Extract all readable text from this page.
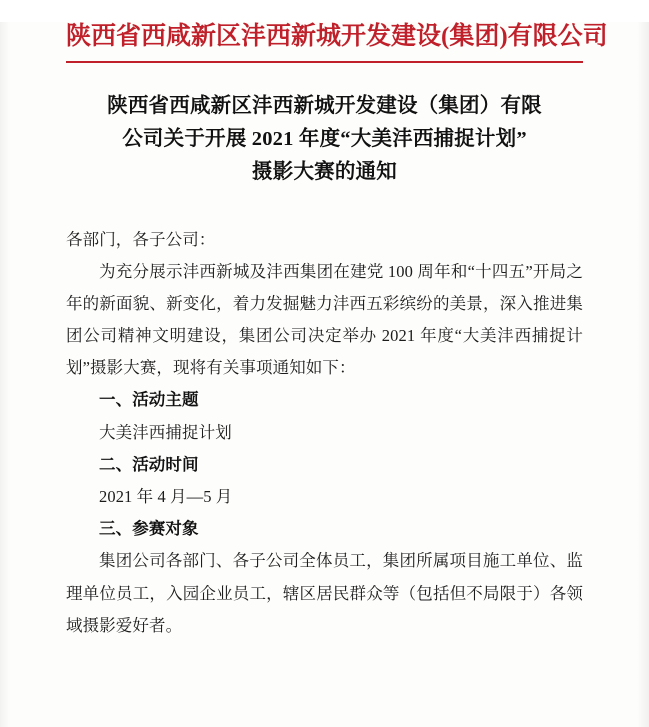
陕西省西咸新区沣西新城开发建设(集团)有限公司
陕西省西咸新区沣西新城开发建设（集团）有限
公司关于开展 2021 年度“大美沣西捕捉计划”
摄影大赛的通知

各部门，各子公司：

为充分展示沣西新城及沣西集团在建党 100 周年和“十四五”开局之年的新面貌、新变化，着力发掘魅力沣西五彩缤纷的美景，深入推进集团公司精神文明建设，集团公司决定举办 2021 年度“大美沣西捕捉计划”摄影大赛，现将有关事项通知如下：

一、活动主题

大美沣西捕捉计划

二、活动时间

2021 年 4 月—5 月

三、参赛对象

集团公司各部门、各子公司全体员工，集团所属项目施工单位、监理单位员工，入园企业员工，辖区居民群众等（包括但不局限于）各领域摄影爱好者。
